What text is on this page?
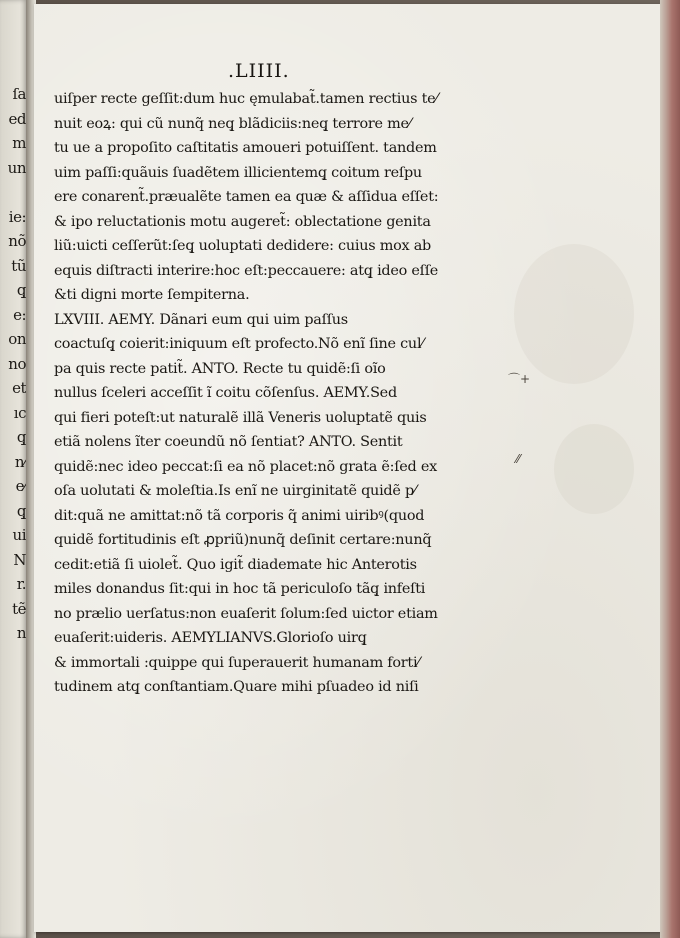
ſa
ed
m
un
ie:
nõ
tũ
q̧
e:
on
no
et
ıc
q̧
n⁄
e⁄
q̧
ui
N
r.
tẽ
n
.LIIII.
uiſper recte geſſit:dum huc ęmulabat̃.tamen rectius te⁄
nuit eoꝝ: qui cũ nunq̃ neq̧ blãdiciis:neq̧ terrore me⁄
tu ue a propoſito caſtitatis amoueri potuiſſent. tandem
uim paſſi:quãuis ſuadẽtem illicientemq̧ coitum reſpu
ere conarent̃.præualẽte tamen ea quæ & aſſidua eſſet:
& ipo reluctationis motu augeret̃: oblectatione genita
liũ:uicti ceſſerũt:ſeq̧ uoluptati dedidere: cuius mox ab
equis diſtracti interire:hoc eſt:peccauere: atq̧ ideo eſſe
&ti digni morte ſempiterna.
LXVIII. AEMY. Dãnari eum qui uim paſſus
coactuſq̧ coierit:iniquum eſt profecto.Nõ enĩ ſine cul⁄
pa quis recte patit̃. ANTO. Recte tu quidẽ:ſi oĩo
nullus ſceleri acceſſit ĩ coitu cõſenſus. AEMY.Sed
qui fieri poteſt:ut naturalẽ illã Veneris uoluptatẽ quis
etiã nolens ĩter coeundũ nõ ſentiat? ANTO. Sentit
quidẽ:nec ideo peccat:ſi ea nõ placet:nõ grata ẽ:ſed ex
oſa uolutati & moleſtia.Is enĩ ne uirginitatẽ quidẽ p⁄
dit:quã ne amittat:nõ tã corporis q̃ animi uiribꝰ(quod
quidẽ fortitudinis eſt ꝓpriũ)nunq̃ deſinit certare:nunq̃
cedit:etiã ſi uiolet̃. Quo igit̃ diademate hic Anterotis
miles donandus ſit:qui in hoc tã periculoſo tãq̧ infeſti
no prælio uerſatus:non euaſerit ſolum:ſed uictor etiam
euaſerit:uideris. AEMYLIANVS.Glorioſo uirq̧
& immortali :quippe qui ſuperauerit humanam forti⁄
tudinem atq̧ conſtantiam.Quare mihi pſuadeo id niſi
⌒+
⁄⁄
